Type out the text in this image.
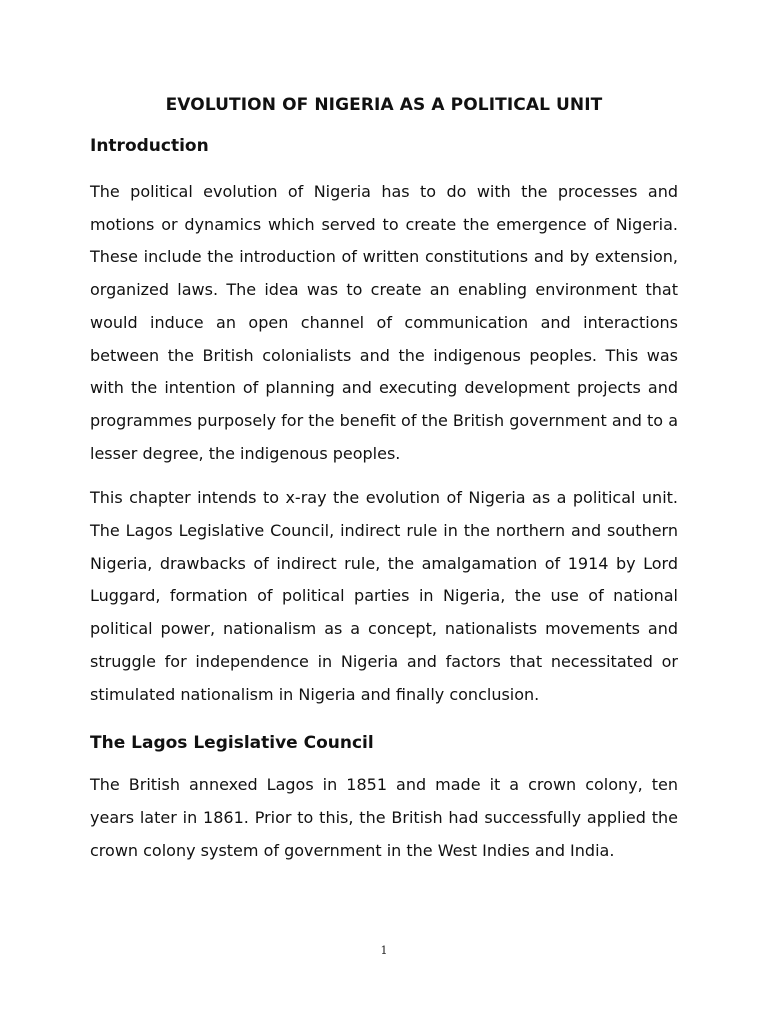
EVOLUTION OF NIGERIA AS A POLITICAL UNIT
Introduction

The political evolution of Nigeria has to do with the processes and motions or dynamics which served to create the emergence of Nigeria. These include the introduction of written constitutions and by extension, organized laws. The idea was to create an enabling environment that would induce an open channel of communication and interactions between the British colonialists and the indigenous peoples. This was with the intention of planning and executing development projects and programmes purposely for the benefit of the British government and to a lesser degree, the indigenous peoples.

This chapter intends to x-ray the evolution of Nigeria as a political unit. The Lagos Legislative Council, indirect rule in the northern and southern Nigeria, drawbacks of indirect rule, the amalgamation of 1914 by Lord Luggard, formation of political parties in Nigeria, the use of national political power, nationalism as a concept, nationalists movements and struggle for independence in Nigeria and factors that necessitated or stimulated nationalism in Nigeria and finally conclusion.

The Lagos Legislative Council

The British annexed Lagos in 1851 and made it a crown colony, ten years later in 1861. Prior to this, the British had successfully applied the crown colony system of government in the West Indies and India.

1
